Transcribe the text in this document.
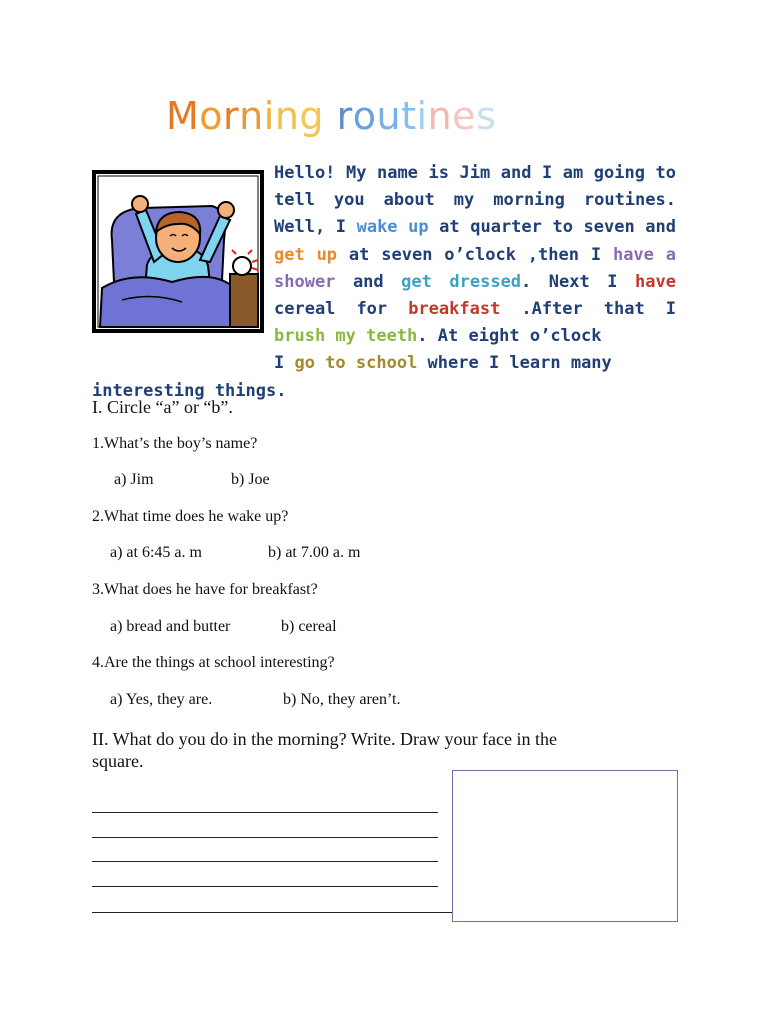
Morning routines
Hello! My name is Jim and I am going to tell you about my morning routines. Well, I wake up at quarter to seven and get up at seven o’clock ,then I have a shower and get dressed. Next I have cereal for breakfast .After that I brush my teeth. At eight o’clock
I go to school where I learn many interesting things.
I. Circle “a” or “b”.
1.What’s the boy’s name?
a) Jim	b) Joe
2.What time does he wake up?
a) at 6:45 a. m	b) at 7.00 a. m
3.What does he have for breakfast?
a) bread and butter	b) cereal
4.Are the things at school interesting?
a) Yes, they are.	b) No, they aren’t.
II. What do you do in the morning? Write. Draw your face in the
square.
